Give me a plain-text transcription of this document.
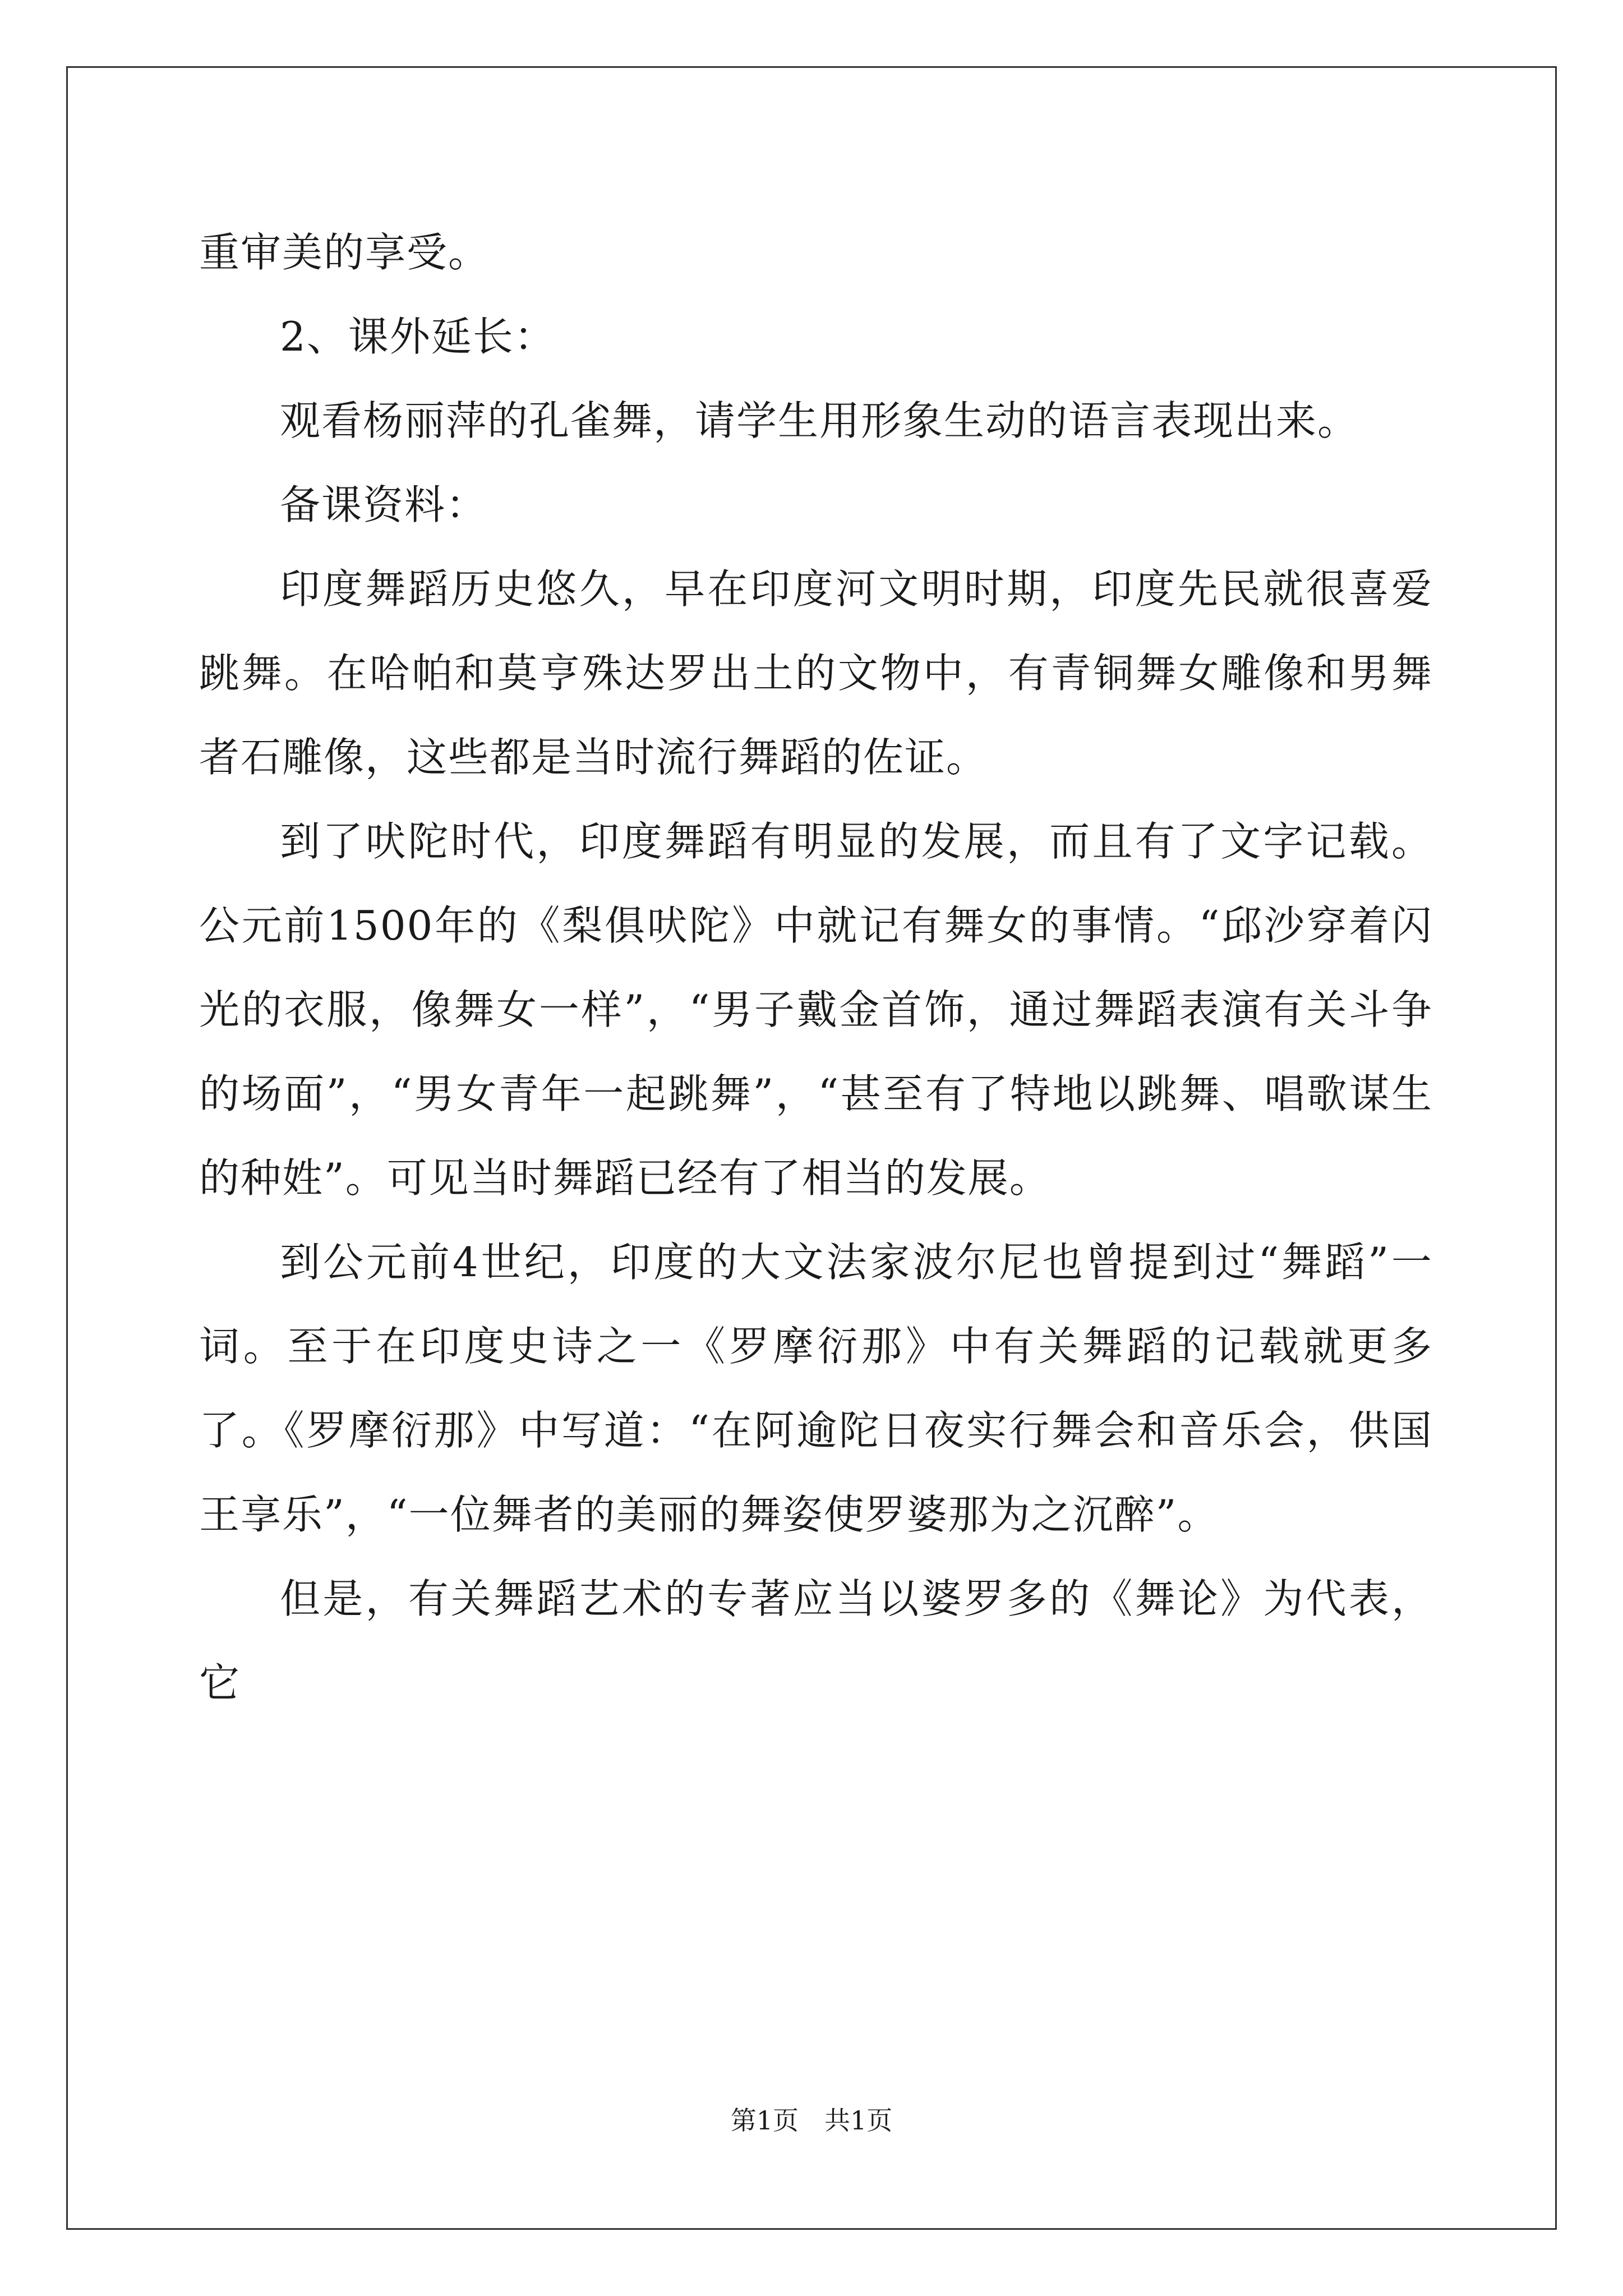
重审美的享受。

2、课外延长：

观看杨丽萍的孔雀舞，请学生用形象生动的语言表现出来。

备课资料：

印度舞蹈历史悠久，早在印度河文明时期，印度先民就很喜爱跳舞。在哈帕和莫亨殊达罗出土的文物中，有青铜舞女雕像和男舞者石雕像，这些都是当时流行舞蹈的佐证。

到了吠陀时代，印度舞蹈有明显的发展，而且有了文字记载。公元前1500年的《梨俱吠陀》中就记有舞女的事情。“邱沙穿着闪光的衣服，像舞女一样”，“男子戴金首饰，通过舞蹈表演有关斗争的场面”，“男女青年一起跳舞”，“甚至有了特地以跳舞、唱歌谋生的种姓”。可见当时舞蹈已经有了相当的发展。

到公元前4世纪，印度的大文法家波尔尼也曾提到过“舞蹈”一词。至于在印度史诗之一《罗摩衍那》中有关舞蹈的记载就更多了。《罗摩衍那》中写道：“在阿逾陀日夜实行舞会和音乐会，供国王享乐”，“一位舞者的美丽的舞姿使罗婆那为之沉醉”。

但是，有关舞蹈艺术的专著应当以婆罗多的《舞论》为代表，它

第1页 共1页
